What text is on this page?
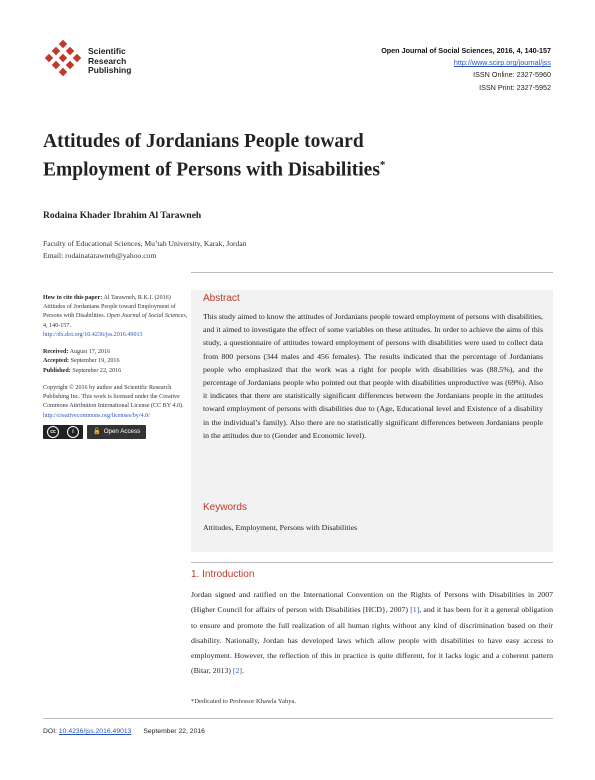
Scientific
Research
Publishing
Open Journal of Social Sciences, 2016, 4, 140-157
http://www.scirp.org/journal/jss
ISSN Online: 2327-5960
ISSN Print: 2327-5952
Attitudes of Jordanians People toward
Employment of Persons with Disabilities*
Rodaina Khader Ibrahim Al Tarawneh
Faculty of Educational Sciences, Mu’tah University, Karak, Jordan
Email: rodainatarawneh@yahoo.com
How to cite this paper: Al Tarawneh, R.K.I. (2016) Attitudes of Jordanians People toward Employment of Persons with Disabilities. Open Journal of Social Sciences, 4, 140-157.
http://dx.doi.org/10.4236/jss.2016.49013
Received: August 17, 2016
Accepted: September 19, 2016
Published: September 22, 2016
Copyright © 2016 by author and Scientific Research Publishing Inc. This work is licensed under the Creative Commons Attribution International License (CC BY 4.0).
http://creativecommons.org/licenses/by/4.0/
cc	i	🔓 Open Access
Abstract
This study aimed to know the attitudes of Jordanians people toward employment of persons with disabilities, and it aimed to investigate the effect of some variables on these attitudes. In order to achieve the aims of this study, a questionnaire of attitudes toward employment of persons with disabilities were used to collect data from 800 persons (344 males and 456 females). The results indicated that the percentage of Jordanians people who emphasized that the work was a right for people with disabilities was (88.5%), and the percentage of Jordanians people who pointed out that people with disabilities unproductive was (69%). Also it indicates that there are statistically significant differences between the Jordanians people in the attitudes toward employment of persons with disabilities due to (Age, Educational level and Existence of a disability in the individual’s family). Also there are no statistically significant differences between Jordanians people in the attitudes due to (Gender and Economic level).
Keywords
Attitudes, Employment, Persons with Disabilities
1. Introduction
Jordan signed and ratified on the International Convention on the Rights of Persons with Disabilities in 2007 (Higher Council for affairs of person with Disabilities [HCD}, 2007) [1], and it has been for it a general obligation to ensure and promote the full realization of all human rights without any kind of discrimination based on their disability. Nationally, Jordan has developed laws which allow people with disabilities to have easy access to employment. However, the reflection of this in practice is quite different, for it lacks logic and a coherent pattern (Bitar, 2013) [2].
*Dedicated to Professor Khawla Yahya.
DOI: 10.4236/jss.2016.49013 September 22, 2016
